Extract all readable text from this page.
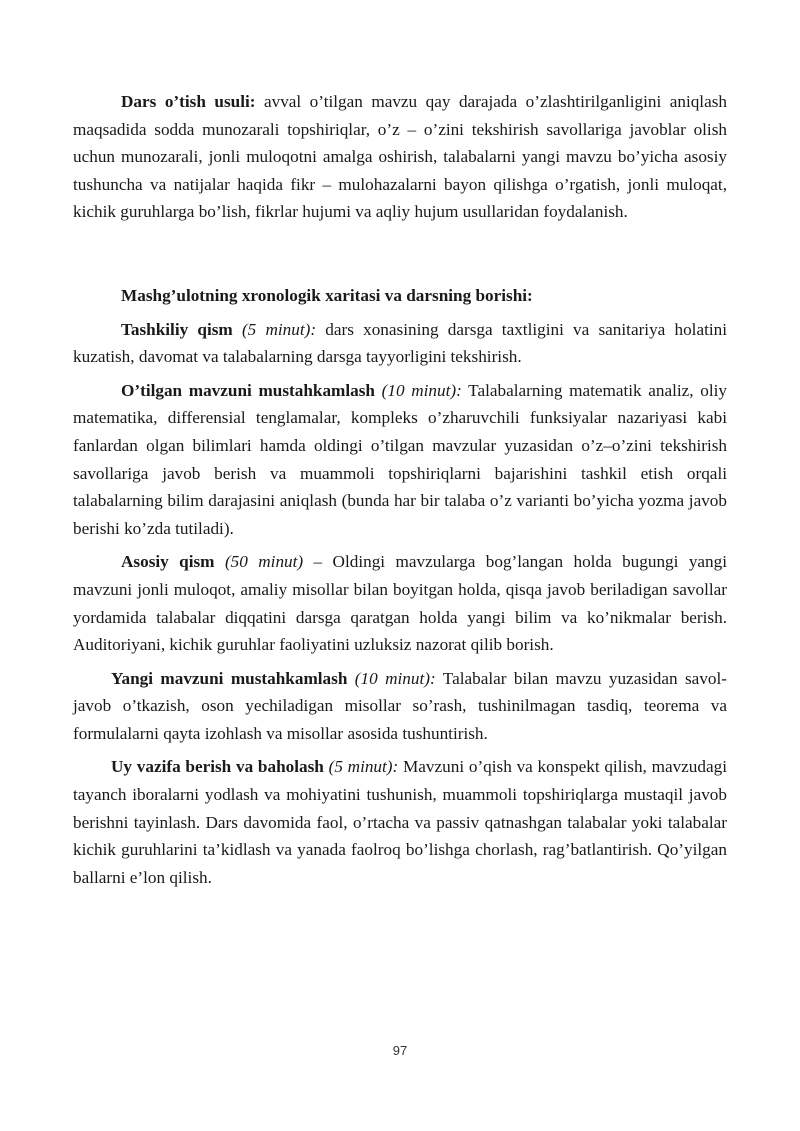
Dars o’tish usuli: avval o’tilgan mavzu qay darajada o’zlashtirilganligini aniqlash maqsadida sodda munozarali topshiriqlar, o’z – o’zini tekshirish savollariga javoblar olish uchun munozarali, jonli muloqotni amalga oshirish, talabalarni yangi mavzu bo’yicha asosiy tushuncha va natijalar haqida fikr – mulohazalarni bayon qilishga o’rgatish, jonli muloqat, kichik guruhlarga bo’lish, fikrlar hujumi va aqliy hujum usullaridan foydalanish.

Mashg’ulotning xronologik xaritasi va darsning borishi:

Tashkiliy qism (5 minut): dars xonasining darsga taxtligini va sanitariya holatini kuzatish, davomat va talabalarning darsga tayyorligini tekshirish.

O’tilgan mavzuni mustahkamlash (10 minut): Talabalarning matematik analiz, oliy matematika, differensial tenglamalar, kompleks o’zharuvchili funksiyalar nazariyasi kabi fanlardan olgan bilimlari hamda oldingi o’tilgan mavzular yuzasidan o’z–o’zini tekshirish savollariga javob berish va muammoli topshiriqlarni bajarishini tashkil etish orqali talabalarning bilim darajasini aniqlash (bunda har bir talaba o’z varianti bo’yicha yozma javob berishi ko’zda tutiladi).

Asosiy qism (50 minut) – Oldingi mavzularga bog’langan holda bugungi yangi mavzuni jonli muloqot, amaliy misollar bilan boyitgan holda, qisqa javob beriladigan savollar yordamida talabalar diqqatini darsga qaratgan holda yangi bilim va ko’nikmalar berish. Auditoriyani, kichik guruhlar faoliyatini uzluksiz nazorat qilib borish.

Yangi mavzuni mustahkamlash (10 minut): Talabalar bilan mavzu yuzasidan savol-javob o’tkazish, oson yechiladigan misollar so’rash, tushinilmagan tasdiq, teorema va formulalarni qayta izohlash va misollar asosida tushuntirish.

Uy vazifa berish va baholash (5 minut): Mavzuni o’qish va konspekt qilish, mavzudagi tayanch iboralarni yodlash va mohiyatini tushunish, muammoli topshiriqlarga mustaqil javob berishni tayinlash. Dars davomida faol, o’rtacha va passiv qatnashgan talabalar yoki talabalar kichik guruhlarini ta’kidlash va yanada faolroq bo’lishga chorlash, rag’batlantirish. Qo’yilgan ballarni e’lon qilish.

97
